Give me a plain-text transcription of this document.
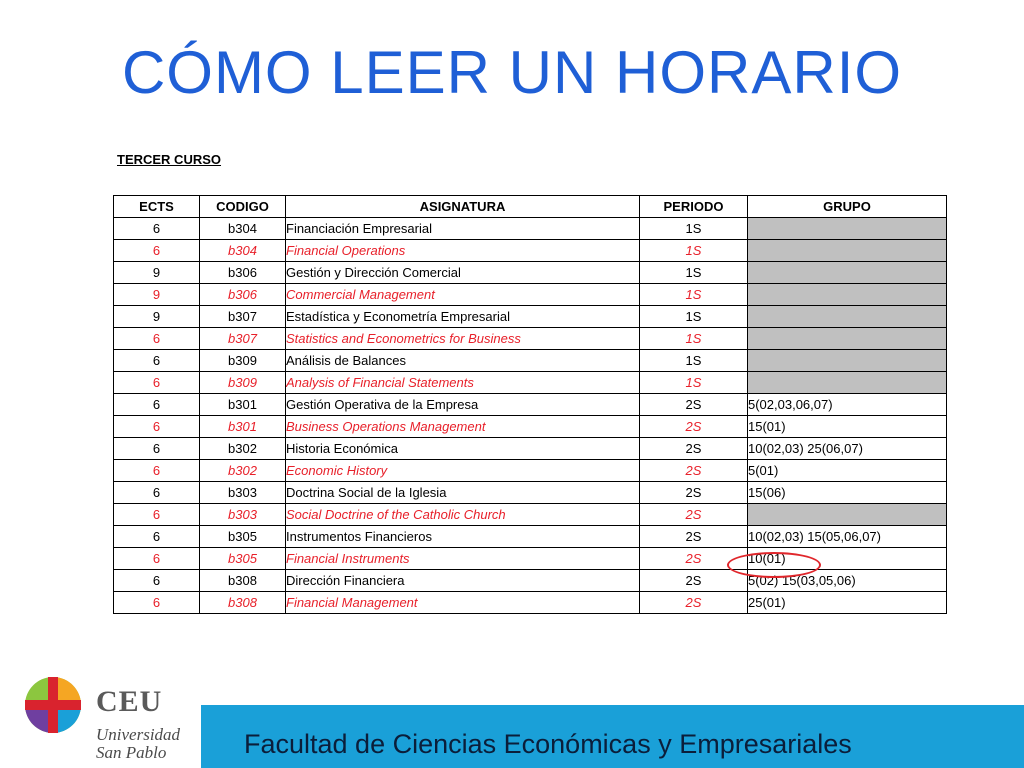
CÓMO LEER UN HORARIO
TERCER CURSO
ECTS	CODIGO	ASIGNATURA	PERIODO	GRUPO
6	b304	Financiación Empresarial	1S	
6	b304	Financial Operations	1S	
9	b306	Gestión y Dirección Comercial	1S	
9	b306	Commercial Management	1S	
9	b307	Estadística y Econometría Empresarial	1S	
6	b307	Statistics and Econometrics for Business	1S	
6	b309	Análisis de Balances	1S	
6	b309	Analysis of Financial Statements	1S	
6	b301	Gestión Operativa de la Empresa	2S	5(02,03,06,07)
6	b301	Business Operations Management	2S	15(01)
6	b302	Historia Económica	2S	10(02,03) 25(06,07)
6	b302	Economic History	2S	5(01)
6	b303	Doctrina Social de la Iglesia	2S	15(06)
6	b303	Social Doctrine of the Catholic Church	2S	
6	b305	Instrumentos Financieros	2S	10(02,03) 15(05,06,07)
6	b305	Financial Instruments	2S	10(01)
6	b308	Dirección Financiera	2S	5(02) 15(03,05,06)
6	b308	Financial Management	2S	25(01)
CEU
Universidad
San Pablo	Facultad de Ciencias Económicas y Empresariales
